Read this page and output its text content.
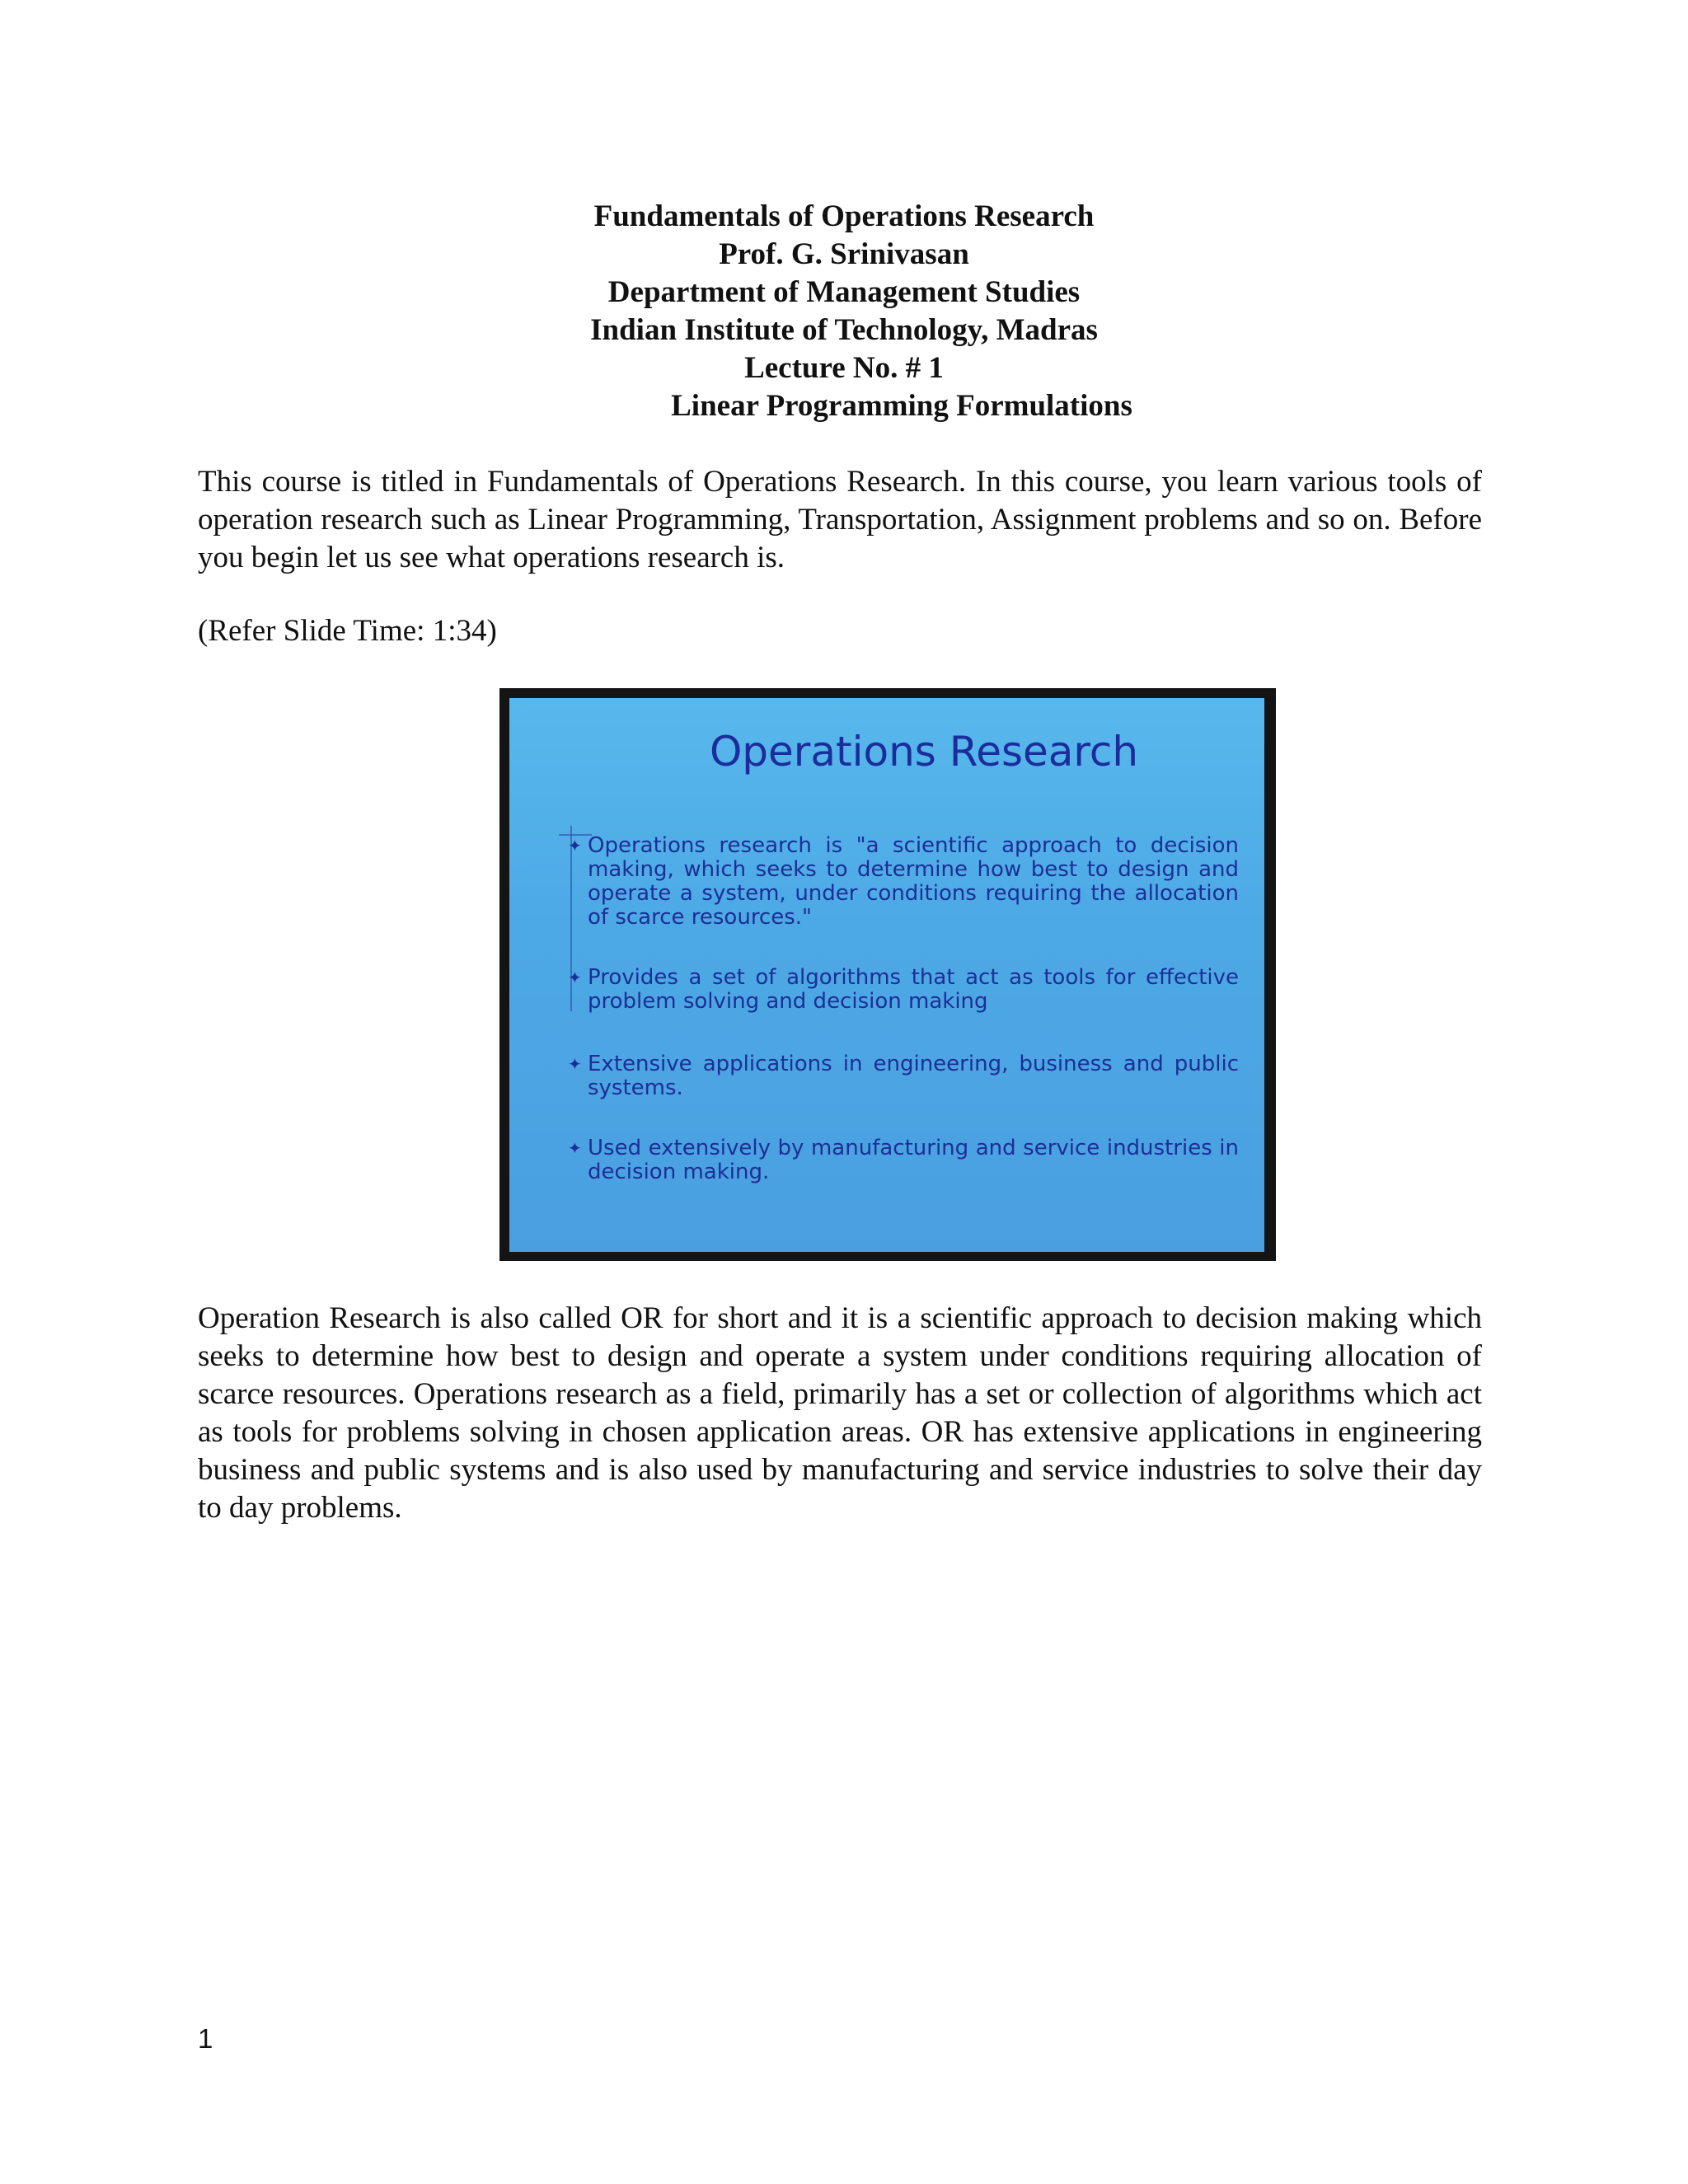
Fundamentals of Operations Research
Prof. G. Srinivasan
Department of Management Studies
Indian Institute of Technology, Madras
Lecture No. # 1
Linear Programming Formulations

This course is titled in Fundamentals of Operations Research. In this course, you learn various tools of operation research such as Linear Programming, Transportation, Assignment problems and so on. Before you begin let us see what operations research is.

(Refer Slide Time: 1:34)

Operations Research
✦ Operations research is "a scientific approach to decision making, which seeks to determine how best to design and operate a system, under conditions requiring the allocation of scarce resources."
✦ Provides a set of algorithms that act as tools for effective problem solving and decision making
✦ Extensive applications in engineering, business and public systems.
✦ Used extensively by manufacturing and service industries in decision making.

Operation Research is also called OR for short and it is a scientific approach to decision making which seeks to determine how best to design and operate a system under conditions requiring allocation of scarce resources. Operations research as a field, primarily has a set or collection of algorithms which act as tools for problems solving in chosen application areas. OR has extensive applications in engineering business and public systems and is also used by manufacturing and service industries to solve their day to day problems.

1
